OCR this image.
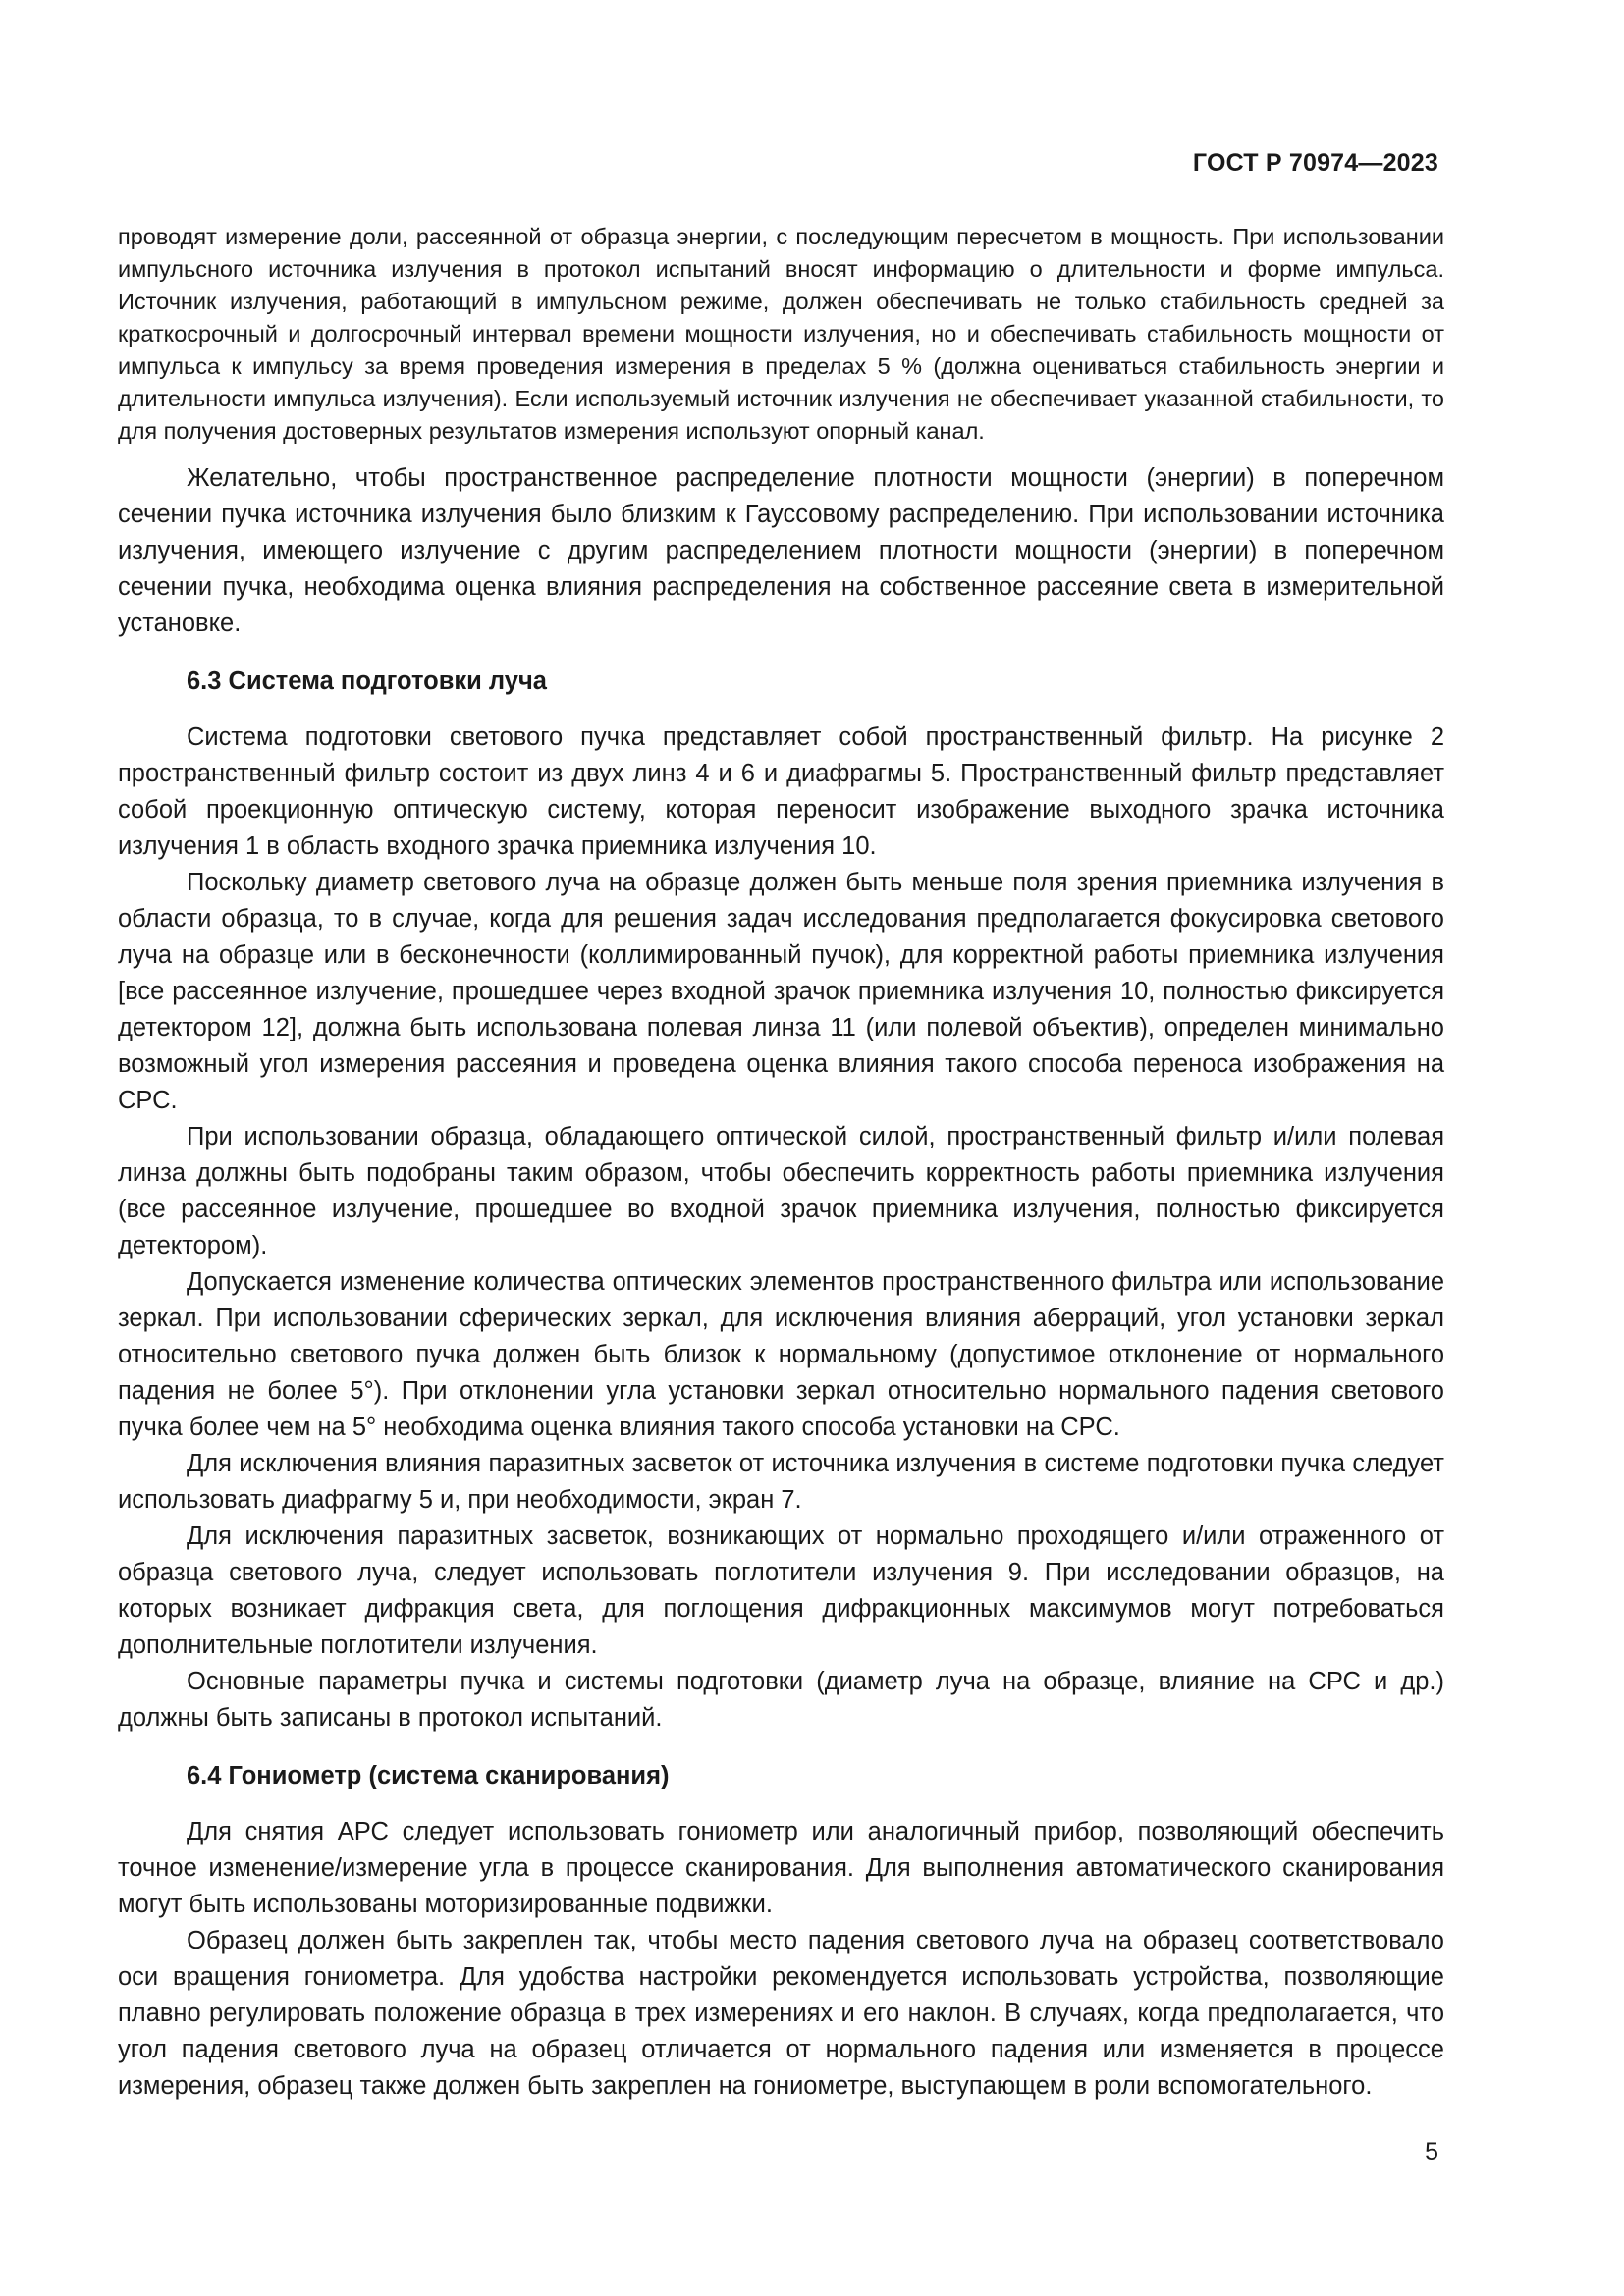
ГОСТ Р 70974—2023

проводят измерение доли, рассеянной от образца энергии, с последующим пересчетом в мощность. При использовании импульсного источника излучения в протокол испытаний вносят информацию о длительности и форме импульса. Источник излучения, работающий в импульсном режиме, должен обеспечивать не только стабильность средней за краткосрочный и долгосрочный интервал времени мощности излучения, но и обеспечивать стабильность мощности от импульса к импульсу за время проведения измерения в пределах 5 % (должна оцениваться стабильность энергии и длительности импульса излучения). Если используемый источник излучения не обеспечивает указанной стабильности, то для получения достоверных результатов измерения используют опорный канал.

Желательно, чтобы пространственное распределение плотности мощности (энергии) в поперечном сечении пучка источника излучения было близким к Гауссовому распределению. При использовании источника излучения, имеющего излучение с другим распределением плотности мощности (энергии) в поперечном сечении пучка, необходима оценка влияния распределения на собственное рассеяние света в измерительной установке.

6.3 Система подготовки луча

Система подготовки светового пучка представляет собой пространственный фильтр. На рисунке 2 пространственный фильтр состоит из двух линз 4 и 6 и диафрагмы 5. Пространственный фильтр представляет собой проекционную оптическую систему, которая переносит изображение выходного зрачка источника излучения 1 в область входного зрачка приемника излучения 10.

Поскольку диаметр светового луча на образце должен быть меньше поля зрения приемника излучения в области образца, то в случае, когда для решения задач исследования предполагается фокусировка светового луча на образце или в бесконечности (коллимированный пучок), для корректной работы приемника излучения [все рассеянное излучение, прошедшее через входной зрачок приемника излучения 10, полностью фиксируется детектором 12], должна быть использована полевая линза 11 (или полевой объектив), определен минимально возможный угол измерения рассеяния и проведена оценка влияния такого способа переноса изображения на СРС.

При использовании образца, обладающего оптической силой, пространственный фильтр и/или полевая линза должны быть подобраны таким образом, чтобы обеспечить корректность работы приемника излучения (все рассеянное излучение, прошедшее во входной зрачок приемника излучения, полностью фиксируется детектором).

Допускается изменение количества оптических элементов пространственного фильтра или использование зеркал. При использовании сферических зеркал, для исключения влияния аберраций, угол установки зеркал относительно светового пучка должен быть близок к нормальному (допустимое отклонение от нормального падения не более 5°). При отклонении угла установки зеркал относительно нормального падения светового пучка более чем на 5° необходима оценка влияния такого способа установки на СРС.

Для исключения влияния паразитных засветок от источника излучения в системе подготовки пучка следует использовать диафрагму 5 и, при необходимости, экран 7.

Для исключения паразитных засветок, возникающих от нормально проходящего и/или отраженного от образца светового луча, следует использовать поглотители излучения 9. При исследовании образцов, на которых возникает дифракция света, для поглощения дифракционных максимумов могут потребоваться дополнительные поглотители излучения.

Основные параметры пучка и системы подготовки (диаметр луча на образце, влияние на СРС и др.) должны быть записаны в протокол испытаний.

6.4 Гониометр (система сканирования)

Для снятия АРС следует использовать гониометр или аналогичный прибор, позволяющий обеспечить точное изменение/измерение угла в процессе сканирования. Для выполнения автоматического сканирования могут быть использованы моторизированные подвижки.

Образец должен быть закреплен так, чтобы место падения светового луча на образец соответствовало оси вращения гониометра. Для удобства настройки рекомендуется использовать устройства, позволяющие плавно регулировать положение образца в трех измерениях и его наклон. В случаях, когда предполагается, что угол падения светового луча на образец отличается от нормального падения или изменяется в процессе измерения, образец также должен быть закреплен на гониометре, выступающем в роли вспомогательного.

5
